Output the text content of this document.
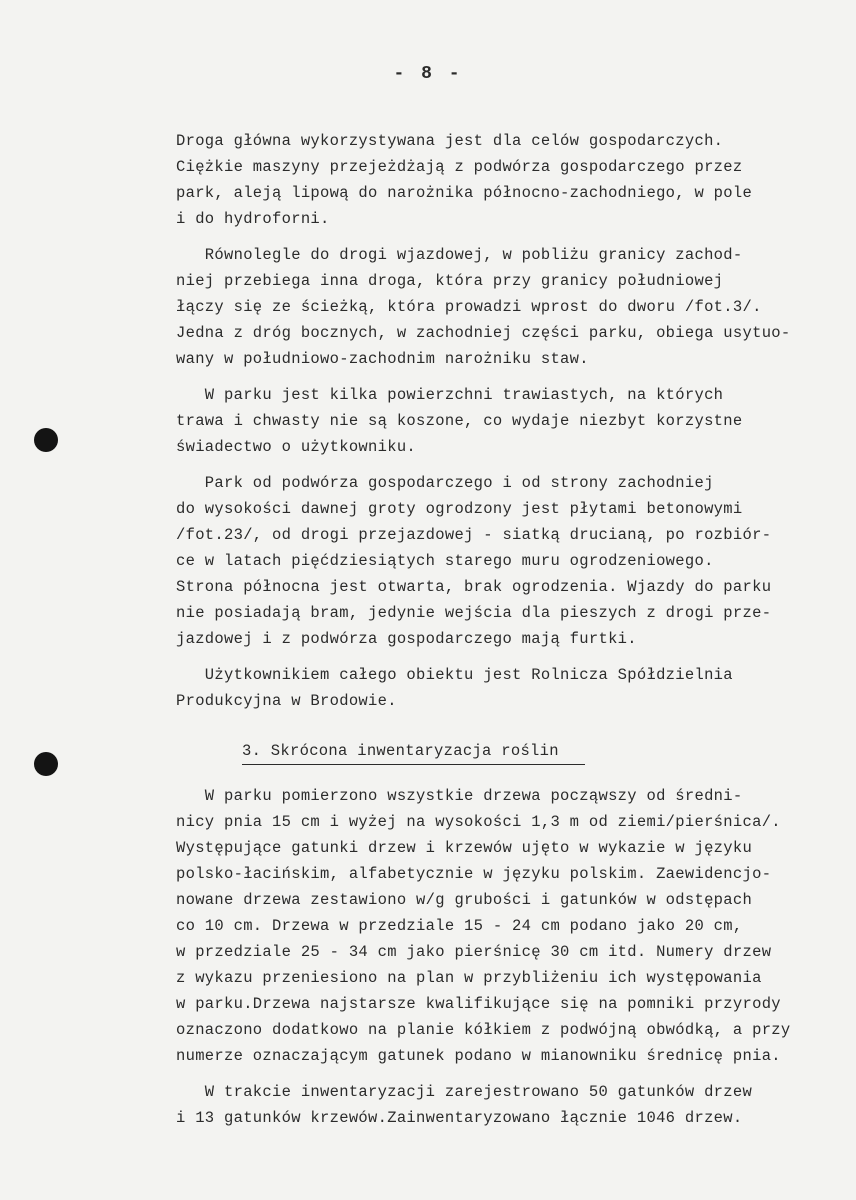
- 8 -
Droga główna wykorzystywana jest dla celów gospodarczych.
Ciężkie maszyny przejeżdżają z podwórza gospodarczego przez
park, aleją lipową do narożnika północno-zachodniego, w pole
i do hydroforni.
Równolegle do drogi wjazdowej, w pobliżu granicy zachod-
niej przebiega inna droga, która przy granicy południowej
łączy się ze ścieżką, która prowadzi wprost do dworu /fot.3/.
Jedna z dróg bocznych, w zachodniej części parku, obiega usytuo-
wany w południowo-zachodnim narożniku staw.
W parku jest kilka powierzchni trawiastych, na których
trawa i chwasty nie są koszone, co wydaje niezbyt korzystne
świadectwo o użytkowniku.
Park od podwórza gospodarczego i od strony zachodniej
do wysokości dawnej groty ogrodzony jest płytami betonowymi
/fot.23/, od drogi przejazdowej - siatką drucianą, po rozbiór-
ce w latach pięćdziesiątych starego muru ogrodzeniowego.
Strona północna jest otwarta, brak ogrodzenia. Wjazdy do parku
nie posiadają bram, jedynie wejścia dla pieszych z drogi prze-
jazdowej i z podwórza gospodarczego mają furtki.
Użytkownikiem całego obiektu jest Rolnicza Spółdzielnia
Produkcyjna w Brodowie.
3. Skrócona inwentaryzacja roślin
W parku pomierzono wszystkie drzewa począwszy od średni-
nicy pnia 15 cm i wyżej na wysokości 1,3 m od ziemi/pierśnica/.
Występujące gatunki drzew i krzewów ujęto w wykazie w języku
polsko-łacińskim, alfabetycznie w języku polskim. Zaewidencjo-
nowane drzewa zestawiono w/g grubości i gatunków w odstępach
co 10 cm. Drzewa w przedziale 15 - 24 cm podano jako 20 cm,
w przedziale 25 - 34 cm jako pierśnicę 30 cm itd. Numery drzew
z wykazu przeniesiono na plan w przybliżeniu ich występowania
w parku.Drzewa najstarsze kwalifikujące się na pomniki przyrody
oznaczono dodatkowo na planie kółkiem z podwójną obwódką, a przy
numerze oznaczającym gatunek podano w mianowniku średnicę pnia.
W trakcie inwentaryzacji zarejestrowano 50 gatunków drzew
i 13 gatunków krzewów.Zainwentaryzowano łącznie 1046 drzew.
